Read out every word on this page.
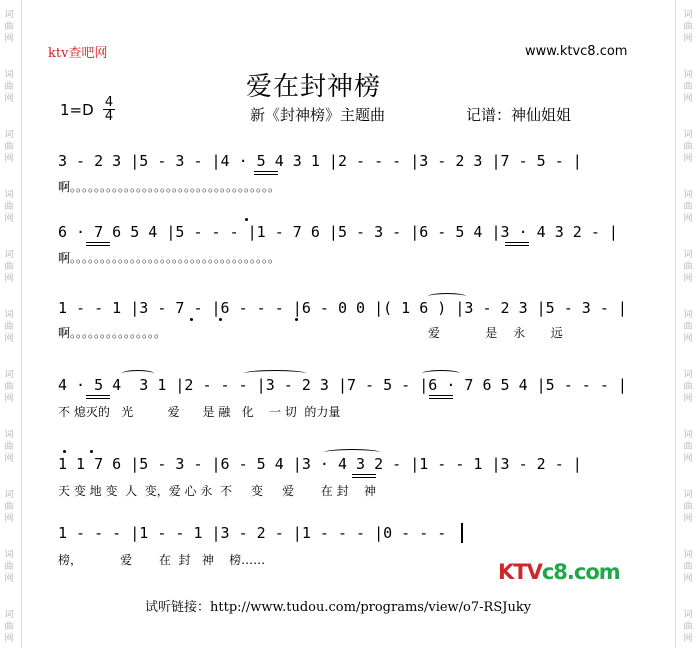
词
曲
网
词
曲
网
词
曲
网
词
曲
网
词
曲
网
词
曲
网
词
曲
网
词
曲
网
词
曲
网
词
曲
网
词
曲
网
词
曲
网
词
曲
网
词
曲
网
词
曲
网
词
曲
网
词
曲
网
词
曲
网
词
曲
网
词
曲
网
词
曲
网
词
曲
网
ktv查吧网	www.ktvc8.com
爱在封神榜
1=D 4
4	新《封神榜》主题曲	记谱：神仙姐姐
3 - 2 3 |5 - 3 - |4 · 5 4 3 1 |2 - - - |3 - 2 3 |7 - 5 - |
啊。。。。。。。。。。。。。。。。。。。。。。。。。。。。。。。。。。
6 · 7 6 5 4 |5 - - - |1 - 7 6 |5 - 3 - |6 - 5 4 |3 · 4 3 2 - |
啊。。。。。。。。。。。。。。。。。。。。。。。。。。。。。。。。。。
1 - - 1 |3 - 7 - |6 - - - |6 - 0 0 |( 1 6 ) |3 - 2 3 |5 - 3 - |
啊。。。。。。。。。。。。。。。	爱    是 永  远
4 · 5 4  3 1 |2 - - - |3 - 2 3 |7 - 5 - |6 · 7 6 5 4 |5 - - - |
不 熄灭的   光         爱      是 融   化    一 切  的力量
1 1 7 6 |5 - 3 - |6 - 5 4 |3 · 4 3 2 - |1 - - 1 |3 - 2 - |
天 变 地 变  人  变，爱 心 永  不     变     爱       在 封    神
1 - - - |1 - - 1 |3 - 2 - |1 - - - |0 - - -
榜，          爱       在  封   神    榜……
试听链接：http://www.tudou.com/programs/view/o7-RSJuky
KTVc8.com
